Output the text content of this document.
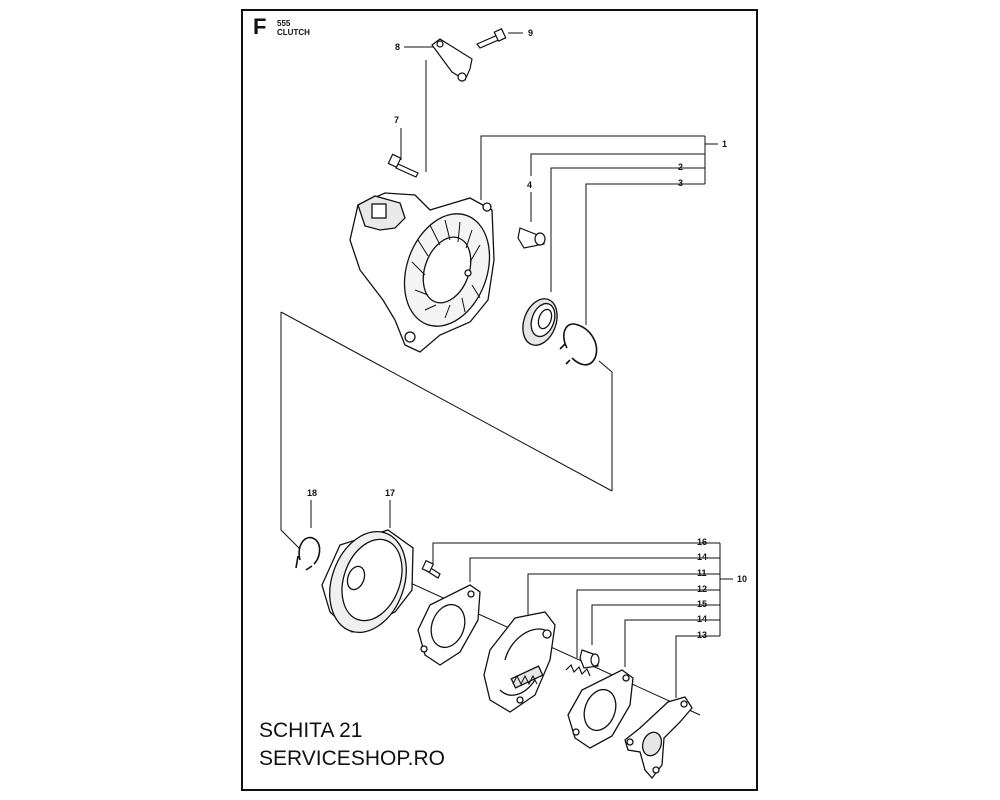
F 555
CLUTCH
8
9
7
1
2
3
4
18	17
16
14
11
10
12
15
14
13
SCHITA 21
SERVICESHOP.RO
